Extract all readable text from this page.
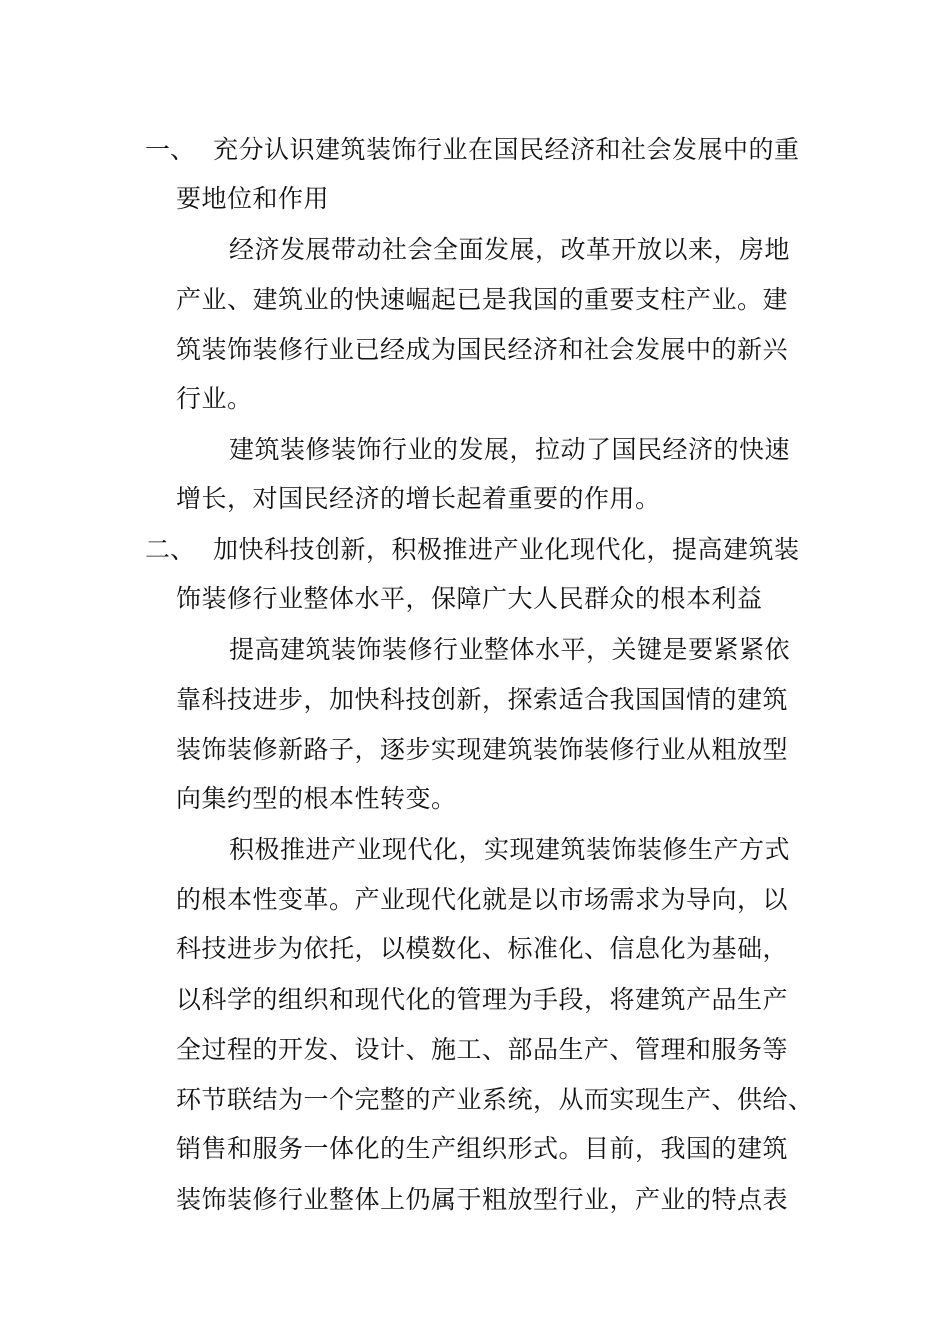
一、 充分认识建筑装饰行业在国民经济和社会发展中的重
要地位和作用
经济发展带动社会全面发展，改革开放以来，房地
产业、建筑业的快速崛起已是我国的重要支柱产业。建
筑装饰装修行业已经成为国民经济和社会发展中的新兴
行业。
建筑装修装饰行业的发展，拉动了国民经济的快速
增长，对国民经济的增长起着重要的作用。
二、 加快科技创新，积极推进产业化现代化，提高建筑装
饰装修行业整体水平，保障广大人民群众的根本利益
提高建筑装饰装修行业整体水平，关键是要紧紧依
靠科技进步，加快科技创新，探索适合我国国情的建筑
装饰装修新路子，逐步实现建筑装饰装修行业从粗放型
向集约型的根本性转变。
积极推进产业现代化，实现建筑装饰装修生产方式
的根本性变革。产业现代化就是以市场需求为导向，以
科技进步为依托，以模数化、标准化、信息化为基础，
以科学的组织和现代化的管理为手段，将建筑产品生产
全过程的开发、设计、施工、部品生产、管理和服务等
环节联结为一个完整的产业系统，从而实现生产、供给、
销售和服务一体化的生产组织形式。目前，我国的建筑
装饰装修行业整体上仍属于粗放型行业，产业的特点表
